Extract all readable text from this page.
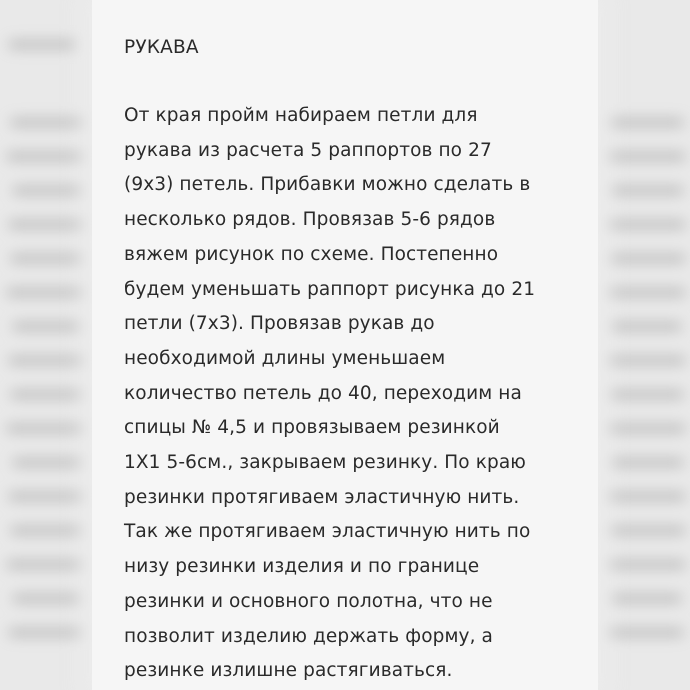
РУКАВА

От края пройм набираем петли для
рукава из расчета 5 раппортов по 27
(9х3) петель. Прибавки можно сделать в
несколько рядов. Провязав 5-6 рядов
вяжем рисунок по схеме. Постепенно
будем уменьшать раппорт рисунка до 21
петли (7х3). Провязав рукав до
необходимой длины уменьшаем
количество петель до 40, переходим на
спицы № 4,5 и провязываем резинкой
1Х1 5-6см., закрываем резинку. По краю
резинки протягиваем эластичную нить.
Так же протягиваем эластичную нить по
низу резинки изделия и по границе
резинки и основного полотна, что не
позволит изделию держать форму, а
резинке излишне растягиваться.
